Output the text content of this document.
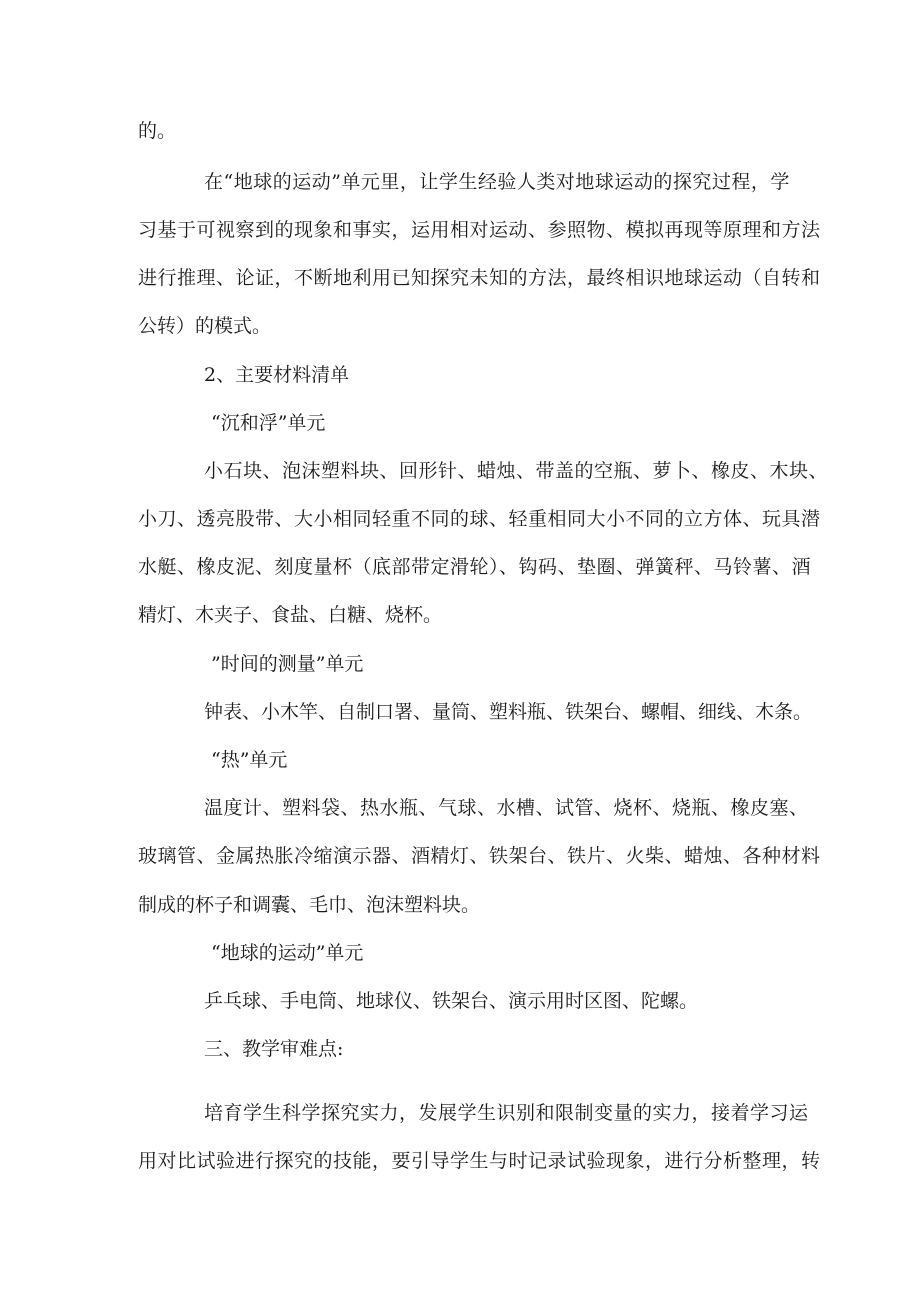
的。
在“地球的运动”单元里，让学生经验人类对地球运动的探究过程，学
习基于可视察到的现象和事实，运用相对运动、参照物、模拟再现等原理和方法
进行推理、论证，不断地利用已知探究未知的方法，最终相识地球运动（自转和
公转）的模式。
2、主要材料清单
“沉和浮”单元
小石块、泡沫塑料块、回形针、蜡烛、带盖的空瓶、萝卜、橡皮、木块、
小刀、透亮股带、大小相同轻重不同的球、轻重相同大小不同的立方体、玩具潜
水艇、橡皮泥、刻度量杯（底部带定滑轮）、钩码、垫圈、弹簧秤、马铃薯、酒
精灯、木夹子、食盐、白糖、烧杯。
”时间的测量”单元
钟表、小木竿、自制口署、量筒、塑料瓶、铁架台、螺帽、细线、木条。
“热”单元
温度计、塑料袋、热水瓶、气球、水槽、试管、烧杯、烧瓶、橡皮塞、
玻璃管、金属热胀冷缩演示器、酒精灯、铁架台、铁片、火柴、蜡烛、各种材料
制成的杯子和调囊、毛巾、泡沫塑料块。
“地球的运动”单元
乒乓球、手电筒、地球仪、铁架台、演示用时区图、陀螺。
三、教学审难点:
培育学生科学探究实力，发展学生识别和限制变量的实力，接着学习运
用对比试验进行探究的技能，要引导学生与时记录试验现象，进行分析整理，转
